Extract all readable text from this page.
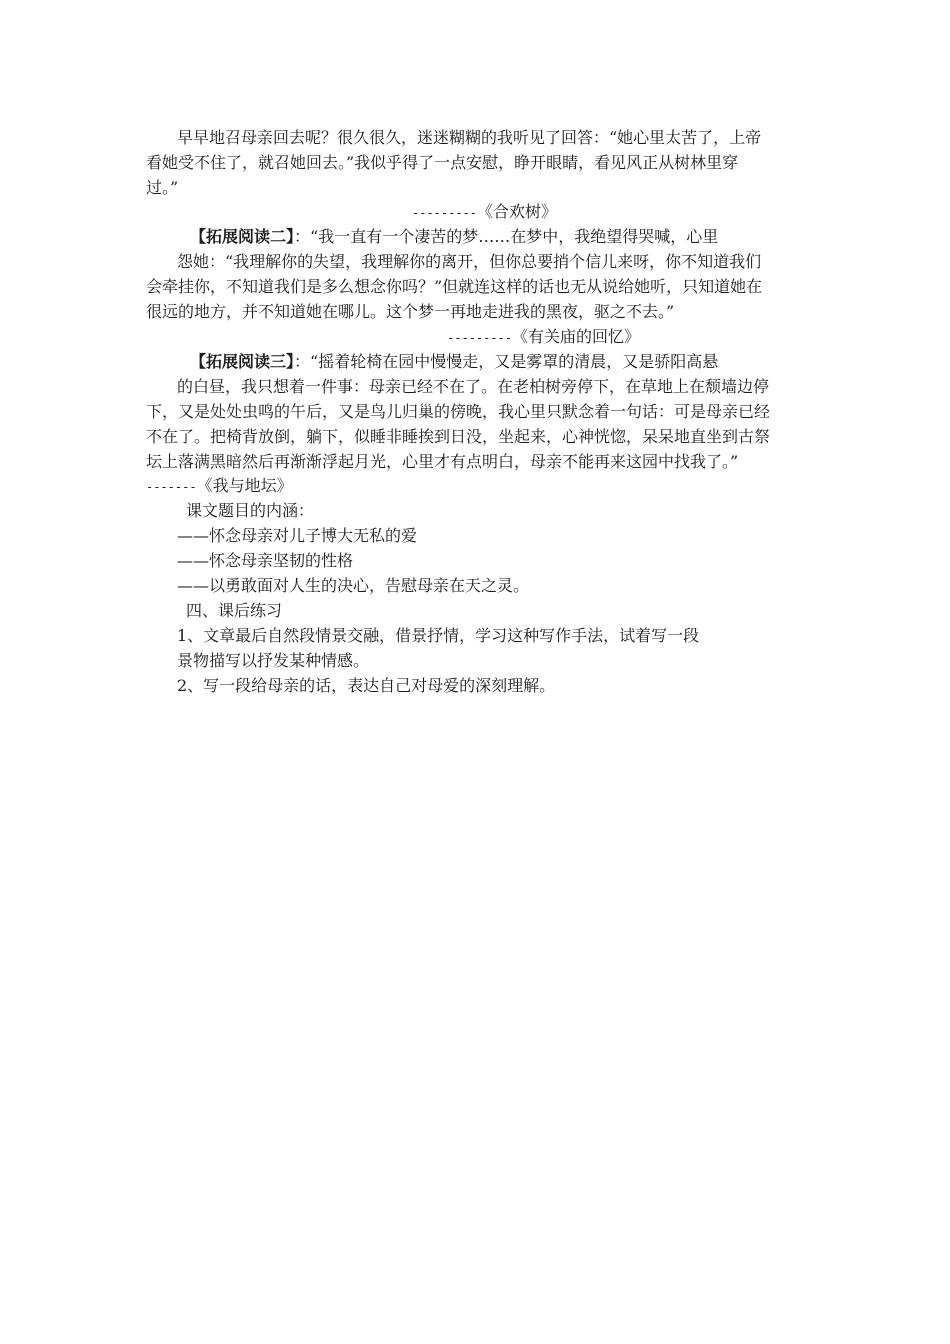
早早地召母亲回去呢？很久很久，迷迷糊糊的我听见了回答：“她心里太苦了，上帝
看她受不住了，就召她回去。”我似乎得了一点安慰，睁开眼睛，看见风正从树林里穿
过。”
---------《合欢树》
【拓展阅读二】：“我一直有一个凄苦的梦……在梦中，我绝望得哭喊，心里
怨她：“我理解你的失望，我理解你的离开，但你总要捎个信儿来呀，你不知道我们
会牵挂你，不知道我们是多么想念你吗？”但就连这样的话也无从说给她听，只知道她在
很远的地方，并不知道她在哪儿。这个梦一再地走进我的黑夜，驱之不去。”
---------《有关庙的回忆》
【拓展阅读三】：“摇着轮椅在园中慢慢走，又是雾罩的清晨，又是骄阳高悬
的白昼，我只想着一件事：母亲已经不在了。在老柏树旁停下，在草地上在颓墙边停
下，又是处处虫鸣的午后，又是鸟儿归巢的傍晚，我心里只默念着一句话：可是母亲已经
不在了。把椅背放倒，躺下，似睡非睡挨到日没，坐起来，心神恍惚，呆呆地直坐到古祭
坛上落满黑暗然后再渐渐浮起月光，心里才有点明白，母亲不能再来这园中找我了。”
-------《我与地坛》
课文题目的内涵：
——怀念母亲对儿子博大无私的爱
——怀念母亲坚韧的性格
——以勇敢面对人生的决心，告慰母亲在天之灵。
四、课后练习
1、文章最后自然段情景交融，借景抒情，学习这种写作手法，试着写一段
景物描写以抒发某种情感。
2、写一段给母亲的话，表达自己对母爱的深刻理解。
